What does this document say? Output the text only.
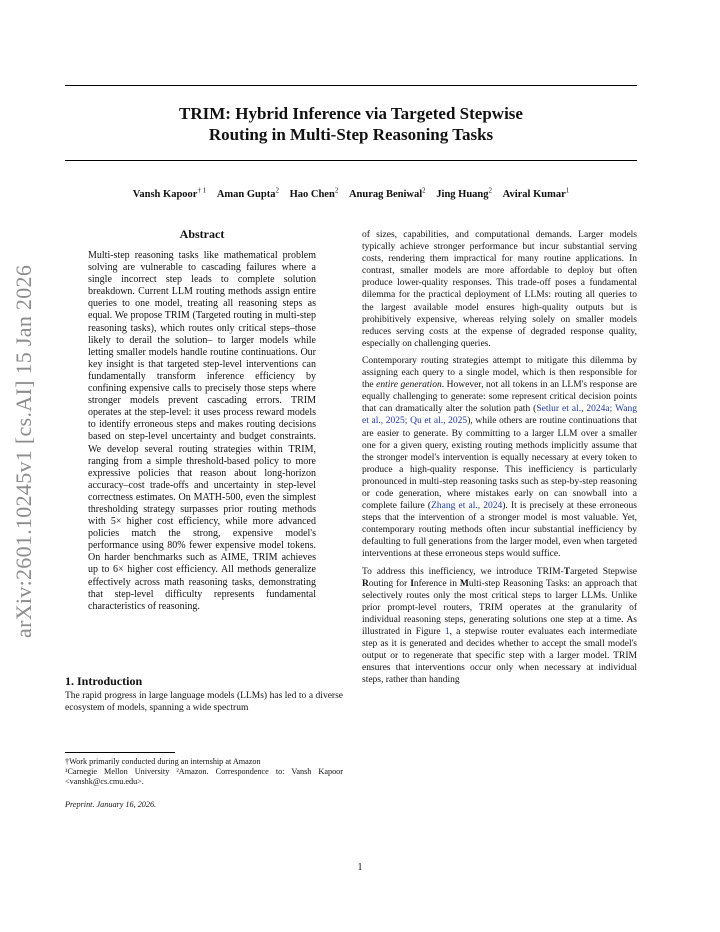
arXiv:2601.10245v1 [cs.AI] 15 Jan 2026
TRIM: Hybrid Inference via Targeted Stepwise
Routing in Multi-Step Reasoning Tasks
Vansh Kapoor$^{\dagger 1}$ Aman Gupta$^2$ Hao Chen$^2$ Anurag Beniwal$^2$ Jing Huang$^2$ Aviral Kumar$^1$
Abstract

Multi-step reasoning tasks like mathematical problem solving are vulnerable to cascading failures where a single incorrect step leads to complete solution breakdown. Current LLM routing methods assign entire queries to one model, treating all reasoning steps as equal. We propose TRIM (Targeted routing in multi-step reasoning tasks), which routes only critical steps–those likely to derail the solution– to larger models while letting smaller models handle routine continuations. Our key insight is that targeted step-level interventions can fundamentally transform inference efficiency by confining expensive calls to precisely those steps where stronger models prevent cascading errors. TRIM operates at the step-level: it uses process reward models to identify erroneous steps and makes routing decisions based on step-level uncertainty and budget constraints. We develop several routing strategies within TRIM, ranging from a simple threshold-based policy to more expressive policies that reason about long-horizon accuracy–cost trade-offs and uncertainty in step-level correctness estimates. On MATH-500, even the simplest thresholding strategy surpasses prior routing methods with 5× higher cost efficiency, while more advanced policies match the strong, expensive model's performance using 80% fewer expensive model tokens. On harder benchmarks such as AIME, TRIM achieves up to 6× higher cost efficiency. All methods generalize effectively across math reasoning tasks, demonstrating that step-level difficulty represents fundamental characteristics of reasoning.

1. Introduction

The rapid progress in large language models (LLMs) has led to a diverse ecosystem of models, spanning a wide spectrum

†Work primarily conducted during an internship at Amazon
¹Carnegie Mellon University ²Amazon. Correspondence to: Vansh Kapoor <vanshk@cs.cmu.edu>.
Preprint. January 16, 2026.

of sizes, capabilities, and computational demands. Larger models typically achieve stronger performance but incur substantial serving costs, rendering them impractical for many routine applications. In contrast, smaller models are more affordable to deploy but often produce lower-quality responses. This trade-off poses a fundamental dilemma for the practical deployment of LLMs: routing all queries to the largest available model ensures high-quality outputs but is prohibitively expensive, whereas relying solely on smaller models reduces serving costs at the expense of degraded response quality, especially on challenging queries.

Contemporary routing strategies attempt to mitigate this dilemma by assigning each query to a single model, which is then responsible for the entire generation. However, not all tokens in an LLM's response are equally challenging to generate: some represent critical decision points that can dramatically alter the solution path (Setlur et al., 2024a; Wang et al., 2025; Qu et al., 2025), while others are routine continuations that are easier to generate. By committing to a larger LLM over a smaller one for a given query, existing routing methods implicitly assume that the stronger model's intervention is equally necessary at every token to produce a high-quality response. This inefficiency is particularly pronounced in multi-step reasoning tasks such as step-by-step reasoning or code generation, where mistakes early on can snowball into a complete failure (Zhang et al., 2024). It is precisely at these erroneous steps that the intervention of a stronger model is most valuable. Yet, contemporary routing methods often incur substantial inefficiency by defaulting to full generations from the larger model, even when targeted interventions at these erroneous steps would suffice.

To address this inefficiency, we introduce TRIM-Targeted Stepwise Routing for Inference in Multi-step Reasoning Tasks: an approach that selectively routes only the most critical steps to larger LLMs. Unlike prior prompt-level routers, TRIM operates at the granularity of individual reasoning steps, generating solutions one step at a time. As illustrated in Figure 1, a stepwise router evaluates each intermediate step as it is generated and decides whether to accept the small model's output or to regenerate that specific step with a larger model. TRIM ensures that interventions occur only when necessary at individual steps, rather than handing

1
